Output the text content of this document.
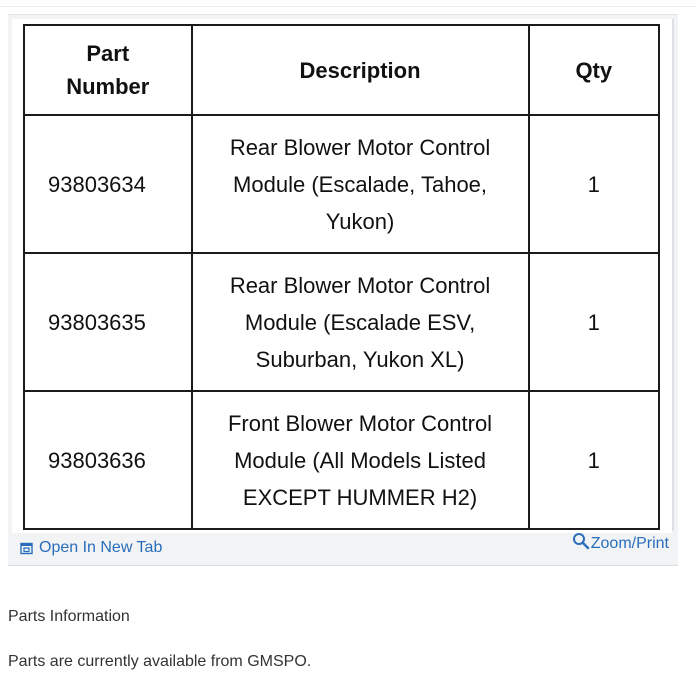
Part Number	Description	Qty
93803634	Rear Blower Motor Control Module (Escalade, Tahoe, Yukon)	1
93803635	Rear Blower Motor Control Module (Escalade ESV, Suburban, Yukon XL)	1
93803636	Front Blower Motor Control Module (All Models Listed EXCEPT HUMMER H2)	1
Open In New Tab	Zoom/Print
Parts Information
Parts are currently available from GMSPO.
